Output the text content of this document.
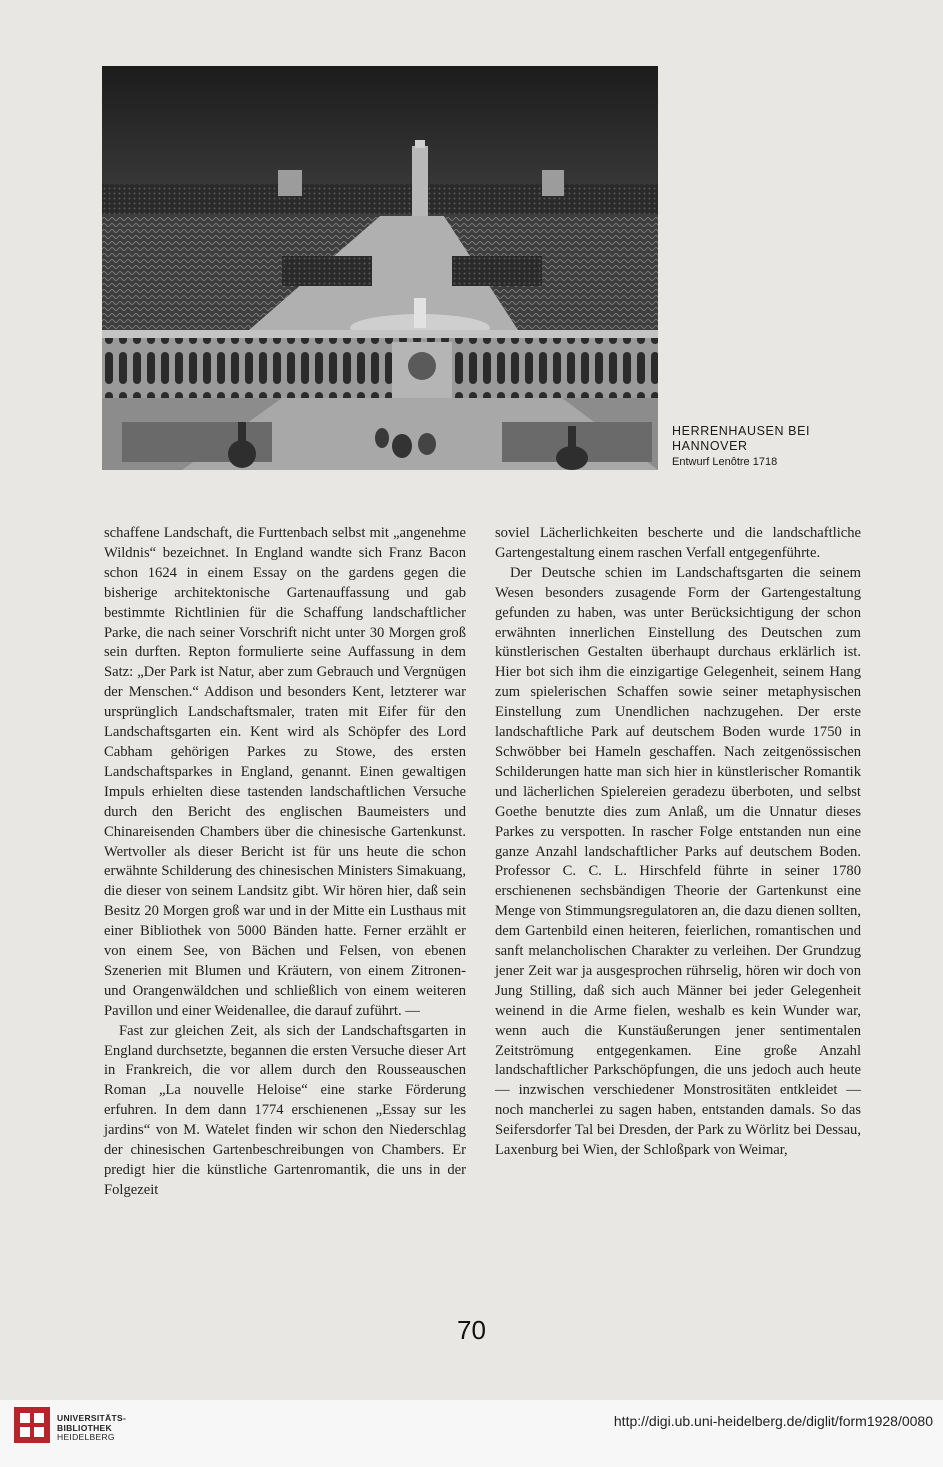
HERRENHAUSEN BEI
HANNOVER
Entwurf Lenôtre 1718

schaffene Landschaft, die Furttenbach selbst mit „angenehme Wildnis“ bezeichnet. In England wandte sich Franz Bacon schon 1624 in einem Essay on the gardens gegen die bisherige architektonische Gartenauffassung und gab bestimmte Richtlinien für die Schaffung landschaftlicher Parke, die nach seiner Vorschrift nicht unter 30 Morgen groß sein durften. Repton formulierte seine Auffassung in dem Satz: „Der Park ist Natur, aber zum Gebrauch und Vergnügen der Menschen.“ Addison und besonders Kent, letzterer war ursprünglich Landschaftsmaler, traten mit Eifer für den Landschaftsgarten ein. Kent wird als Schöpfer des Lord Cabham gehörigen Parkes zu Stowe, des ersten Landschaftsparkes in England, genannt. Einen gewaltigen Impuls erhielten diese tastenden landschaftlichen Versuche durch den Bericht des englischen Baumeisters und Chinareisenden Chambers über die chinesische Gartenkunst. Wertvoller als dieser Bericht ist für uns heute die schon erwähnte Schilderung des chinesischen Ministers Simakuang, die dieser von seinem Landsitz gibt. Wir hören hier, daß sein Besitz 20 Morgen groß war und in der Mitte ein Lusthaus mit einer Bibliothek von 5000 Bänden hatte. Ferner erzählt er von einem See, von Bächen und Felsen, von ebenen Szenerien mit Blumen und Kräutern, von einem Zitronen- und Orangenwäldchen und schließlich von einem weiteren Pavillon und einer Weidenallee, die darauf zuführt. —

Fast zur gleichen Zeit, als sich der Landschaftsgarten in England durchsetzte, begannen die ersten Versuche dieser Art in Frankreich, die vor allem durch den Rousseauschen Roman „La nouvelle Heloise“ eine starke Förderung erfuhren. In dem dann 1774 erschienenen „Essay sur les jardins“ von M. Watelet finden wir schon den Niederschlag der chinesischen Gartenbeschreibungen von Chambers. Er predigt hier die künstliche Gartenromantik, die uns in der Folgezeit

soviel Lächerlichkeiten bescherte und die landschaftliche Gartengestaltung einem raschen Verfall entgegenführte.

Der Deutsche schien im Landschaftsgarten die seinem Wesen besonders zusagende Form der Gartengestaltung gefunden zu haben, was unter Berücksichtigung der schon erwähnten innerlichen Einstellung des Deutschen zum künstlerischen Gestalten überhaupt durchaus erklärlich ist. Hier bot sich ihm die einzigartige Gelegenheit, seinem Hang zum spielerischen Schaffen sowie seiner metaphysischen Einstellung zum Unendlichen nachzugehen. Der erste landschaftliche Park auf deutschem Boden wurde 1750 in Schwöbber bei Hameln geschaffen. Nach zeitgenössischen Schilderungen hatte man sich hier in künstlerischer Romantik und lächerlichen Spielereien geradezu überboten, und selbst Goethe benutzte dies zum Anlaß, um die Unnatur dieses Parkes zu verspotten. In rascher Folge entstanden nun eine ganze Anzahl landschaftlicher Parks auf deutschem Boden. Professor C. C. L. Hirschfeld führte in seiner 1780 erschienenen sechsbändigen Theorie der Gartenkunst eine Menge von Stimmungsregulatoren an, die dazu dienen sollten, dem Gartenbild einen heiteren, feierlichen, romantischen und sanft melancholischen Charakter zu verleihen. Der Grundzug jener Zeit war ja ausgesprochen rührselig, hören wir doch von Jung Stilling, daß sich auch Männer bei jeder Gelegenheit weinend in die Arme fielen, weshalb es kein Wunder war, wenn auch die Kunstäußerungen jener sentimentalen Zeitströmung entgegenkamen. Eine große Anzahl landschaftlicher Parkschöpfungen, die uns jedoch auch heute — inzwischen verschiedener Monstrositäten entkleidet — noch mancherlei zu sagen haben, entstanden damals. So das Seifersdorfer Tal bei Dresden, der Park zu Wörlitz bei Dessau, Laxenburg bei Wien, der Schloßpark von Weimar,

70
UNIVERSITÄTS-
BIBLIOTHEK
HEIDELBERG
http://digi.ub.uni-heidelberg.de/diglit/form1928/0080
